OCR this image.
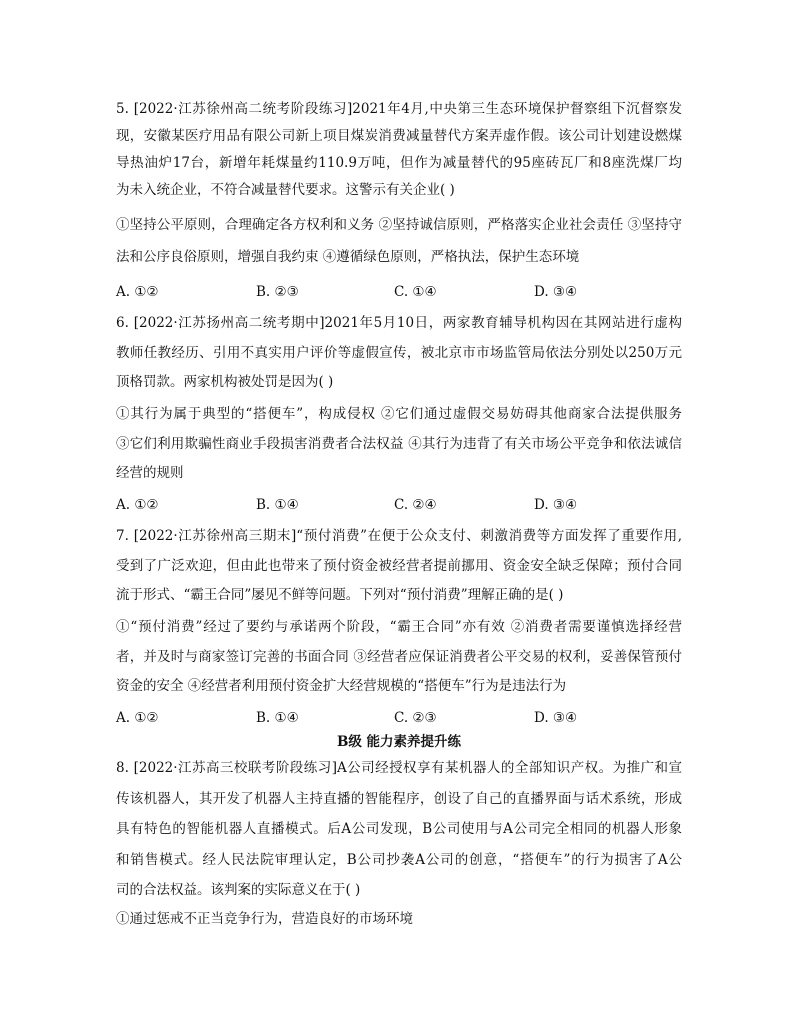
5. [2022·江苏徐州高二统考阶段练习]2021年4月,中央第三生态环境保护督察组下沉督察发
现，安徽某医疗用品有限公司新上项目煤炭消费减量替代方案弄虚作假。该公司计划建设燃煤
导热油炉17台，新增年耗煤量约110.9万吨，但作为减量替代的95座砖瓦厂和8座洗煤厂均
为未入统企业，不符合减量替代要求。这警示有关企业( )
①坚持公平原则，合理确定各方权利和义务 ②坚持诚信原则，严格落实企业社会责任 ③坚持守
法和公序良俗原则，增强自我约束 ④遵循绿色原则，严格执法，保护生态环境
A. ①②	B. ②③	C. ①④	D. ③④
6. [2022·江苏扬州高二统考期中]2021年5月10日，两家教育辅导机构因在其网站进行虚构
教师任教经历、引用不真实用户评价等虚假宣传，被北京市市场监管局依法分别处以250万元
顶格罚款。两家机构被处罚是因为( )
①其行为属于典型的“搭便车”，构成侵权 ②它们通过虚假交易妨碍其他商家合法提供服务
③它们利用欺骗性商业手段损害消费者合法权益 ④其行为违背了有关市场公平竞争和依法诚信
经营的规则
A. ①②	B. ①④	C. ②④	D. ③④
7. [2022·江苏徐州高三期末]“预付消费”在便于公众支付、刺激消费等方面发挥了重要作用,
受到了广泛欢迎，但由此也带来了预付资金被经营者提前挪用、资金安全缺乏保障；预付合同
流于形式、“霸王合同”屡见不鲜等问题。下列对“预付消费”理解正确的是( )
①“预付消费”经过了要约与承诺两个阶段，“霸王合同”亦有效 ②消费者需要谨慎选择经营
者，并及时与商家签订完善的书面合同 ③经营者应保证消费者公平交易的权利，妥善保管预付
资金的安全 ④经营者利用预付资金扩大经营规模的“搭便车”行为是违法行为
A. ①②	B. ①④	C. ②③	D. ③④
B级 能力素养提升练
8. [2022·江苏高三校联考阶段练习]A公司经授权享有某机器人的全部知识产权。为推广和宣
传该机器人，其开发了机器人主持直播的智能程序，创设了自己的直播界面与话术系统，形成
具有特色的智能机器人直播模式。后A公司发现，B公司使用与A公司完全相同的机器人形象
和销售模式。经人民法院审理认定，B公司抄袭A公司的创意，“搭便车”的行为损害了A公
司的合法权益。该判案的实际意义在于( )
①通过惩戒不正当竞争行为，营造良好的市场环境
